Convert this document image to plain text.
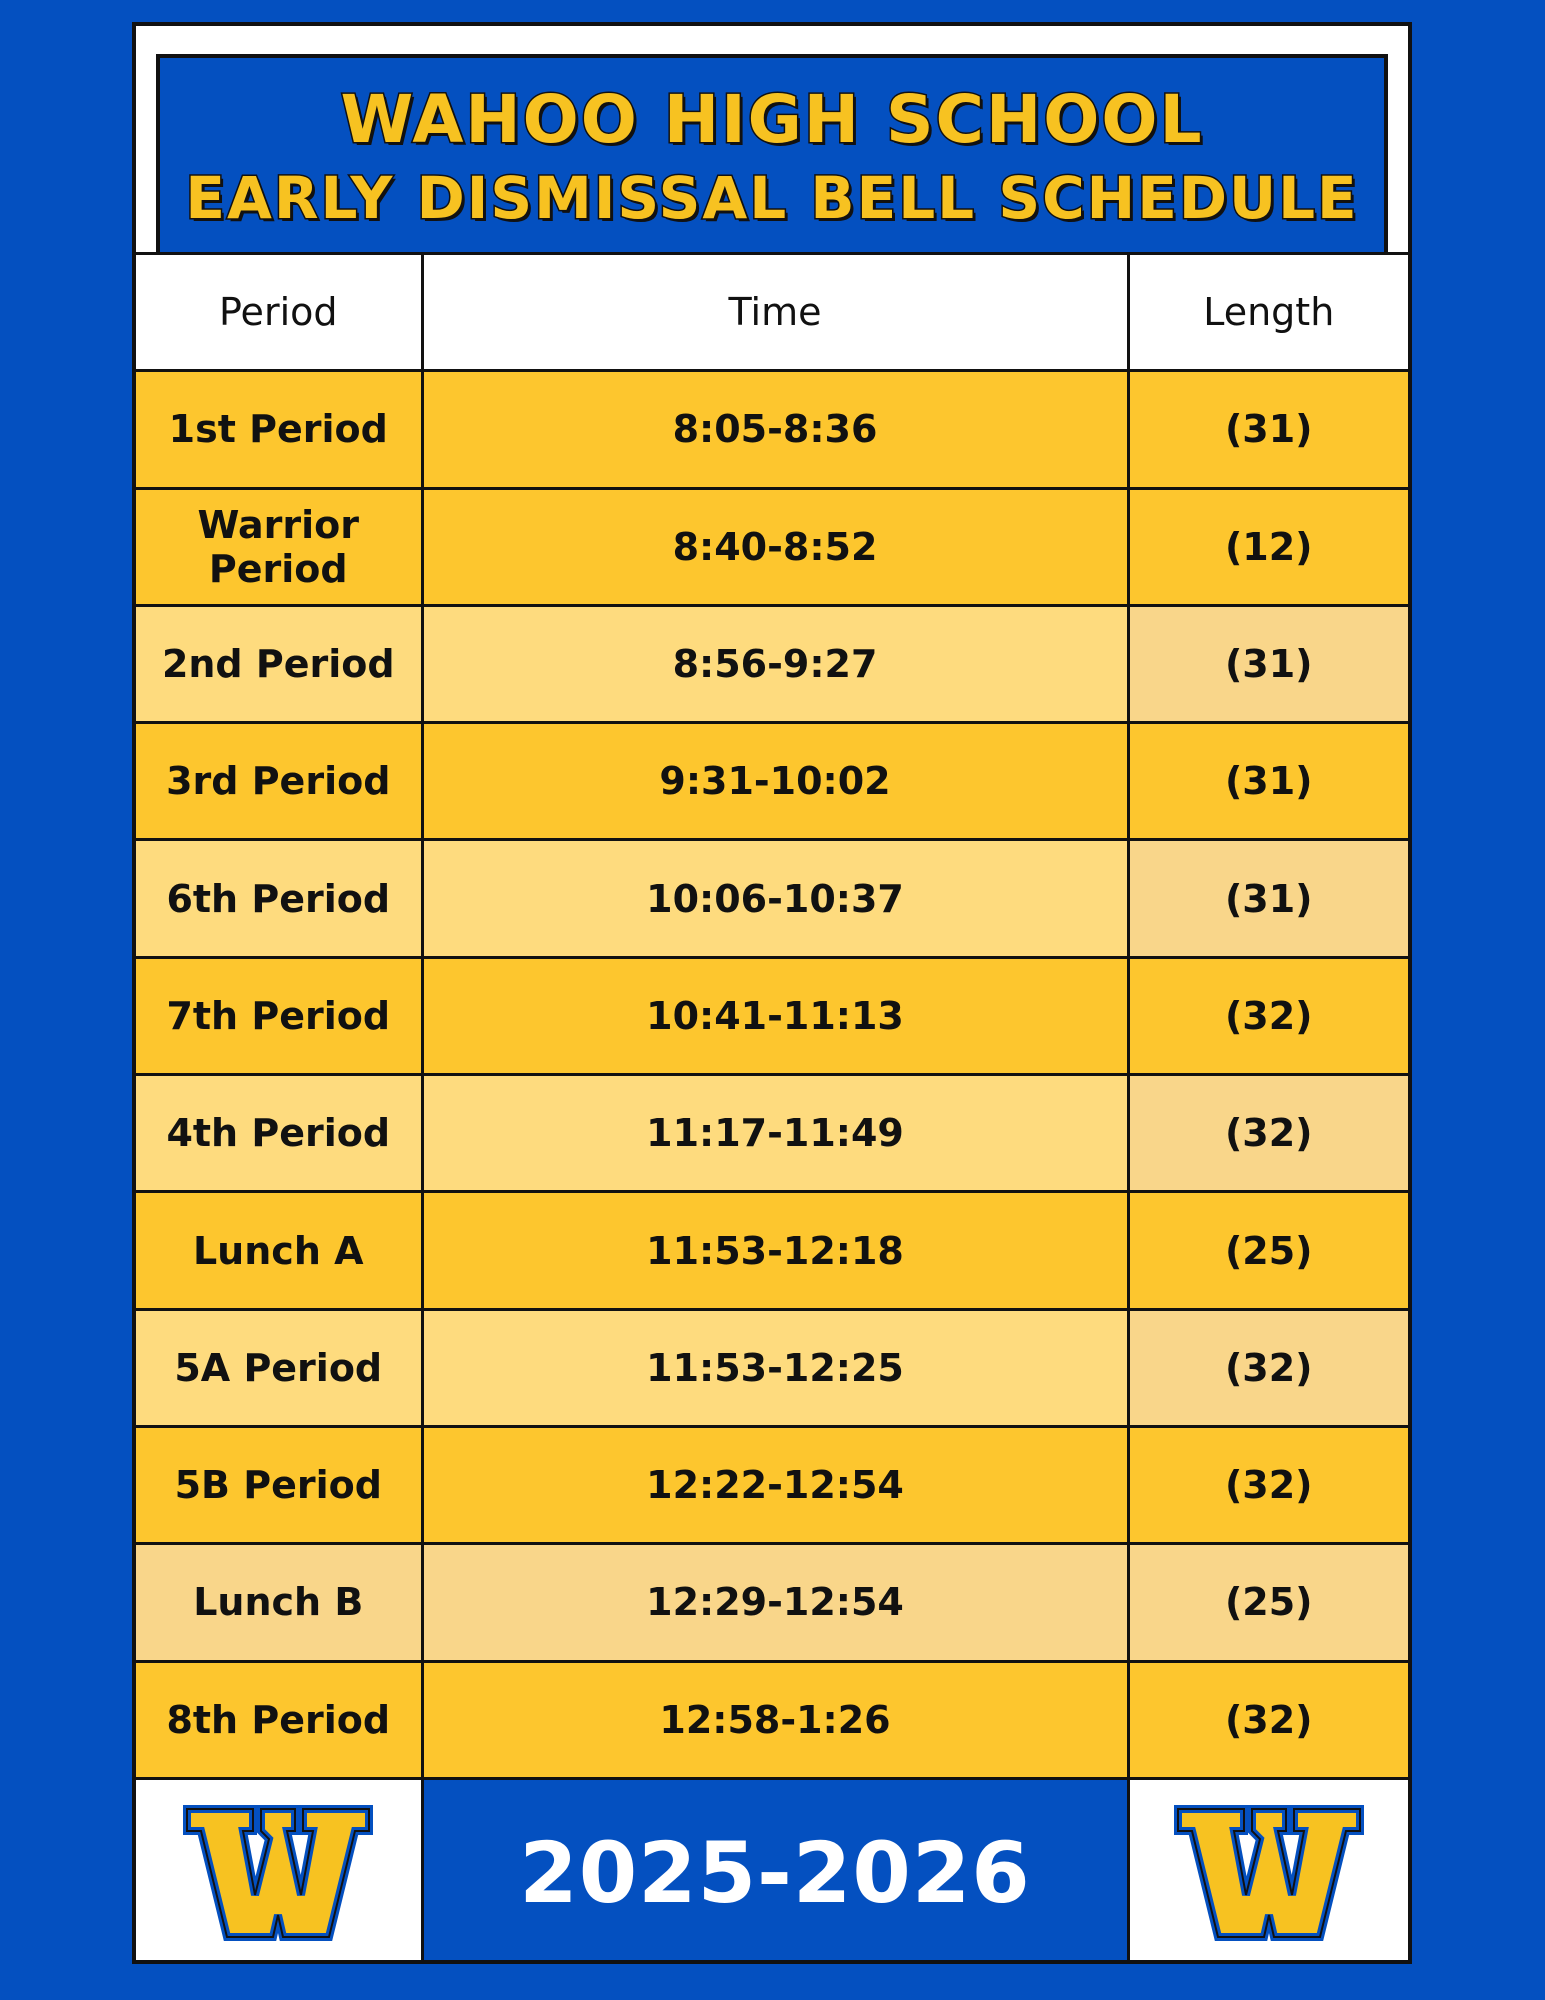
WAHOO HIGH SCHOOL
EARLY DISMISSAL BELL SCHEDULE
Period	Time	Length
1st Period	8:05-8:36	(31)
Warrior Period	8:40-8:52	(12)
2nd Period	8:56-9:27	(31)
3rd Period	9:31-10:02	(31)
6th Period	10:06-10:37	(31)
7th Period	10:41-11:13	(32)
4th Period	11:17-11:49	(32)
Lunch A	11:53-12:18	(25)
5A Period	11:53-12:25	(32)
5B Period	12:22-12:54	(32)
Lunch B	12:29-12:54	(25)
8th Period	12:58-1:26	(32)

	2025-2026	
